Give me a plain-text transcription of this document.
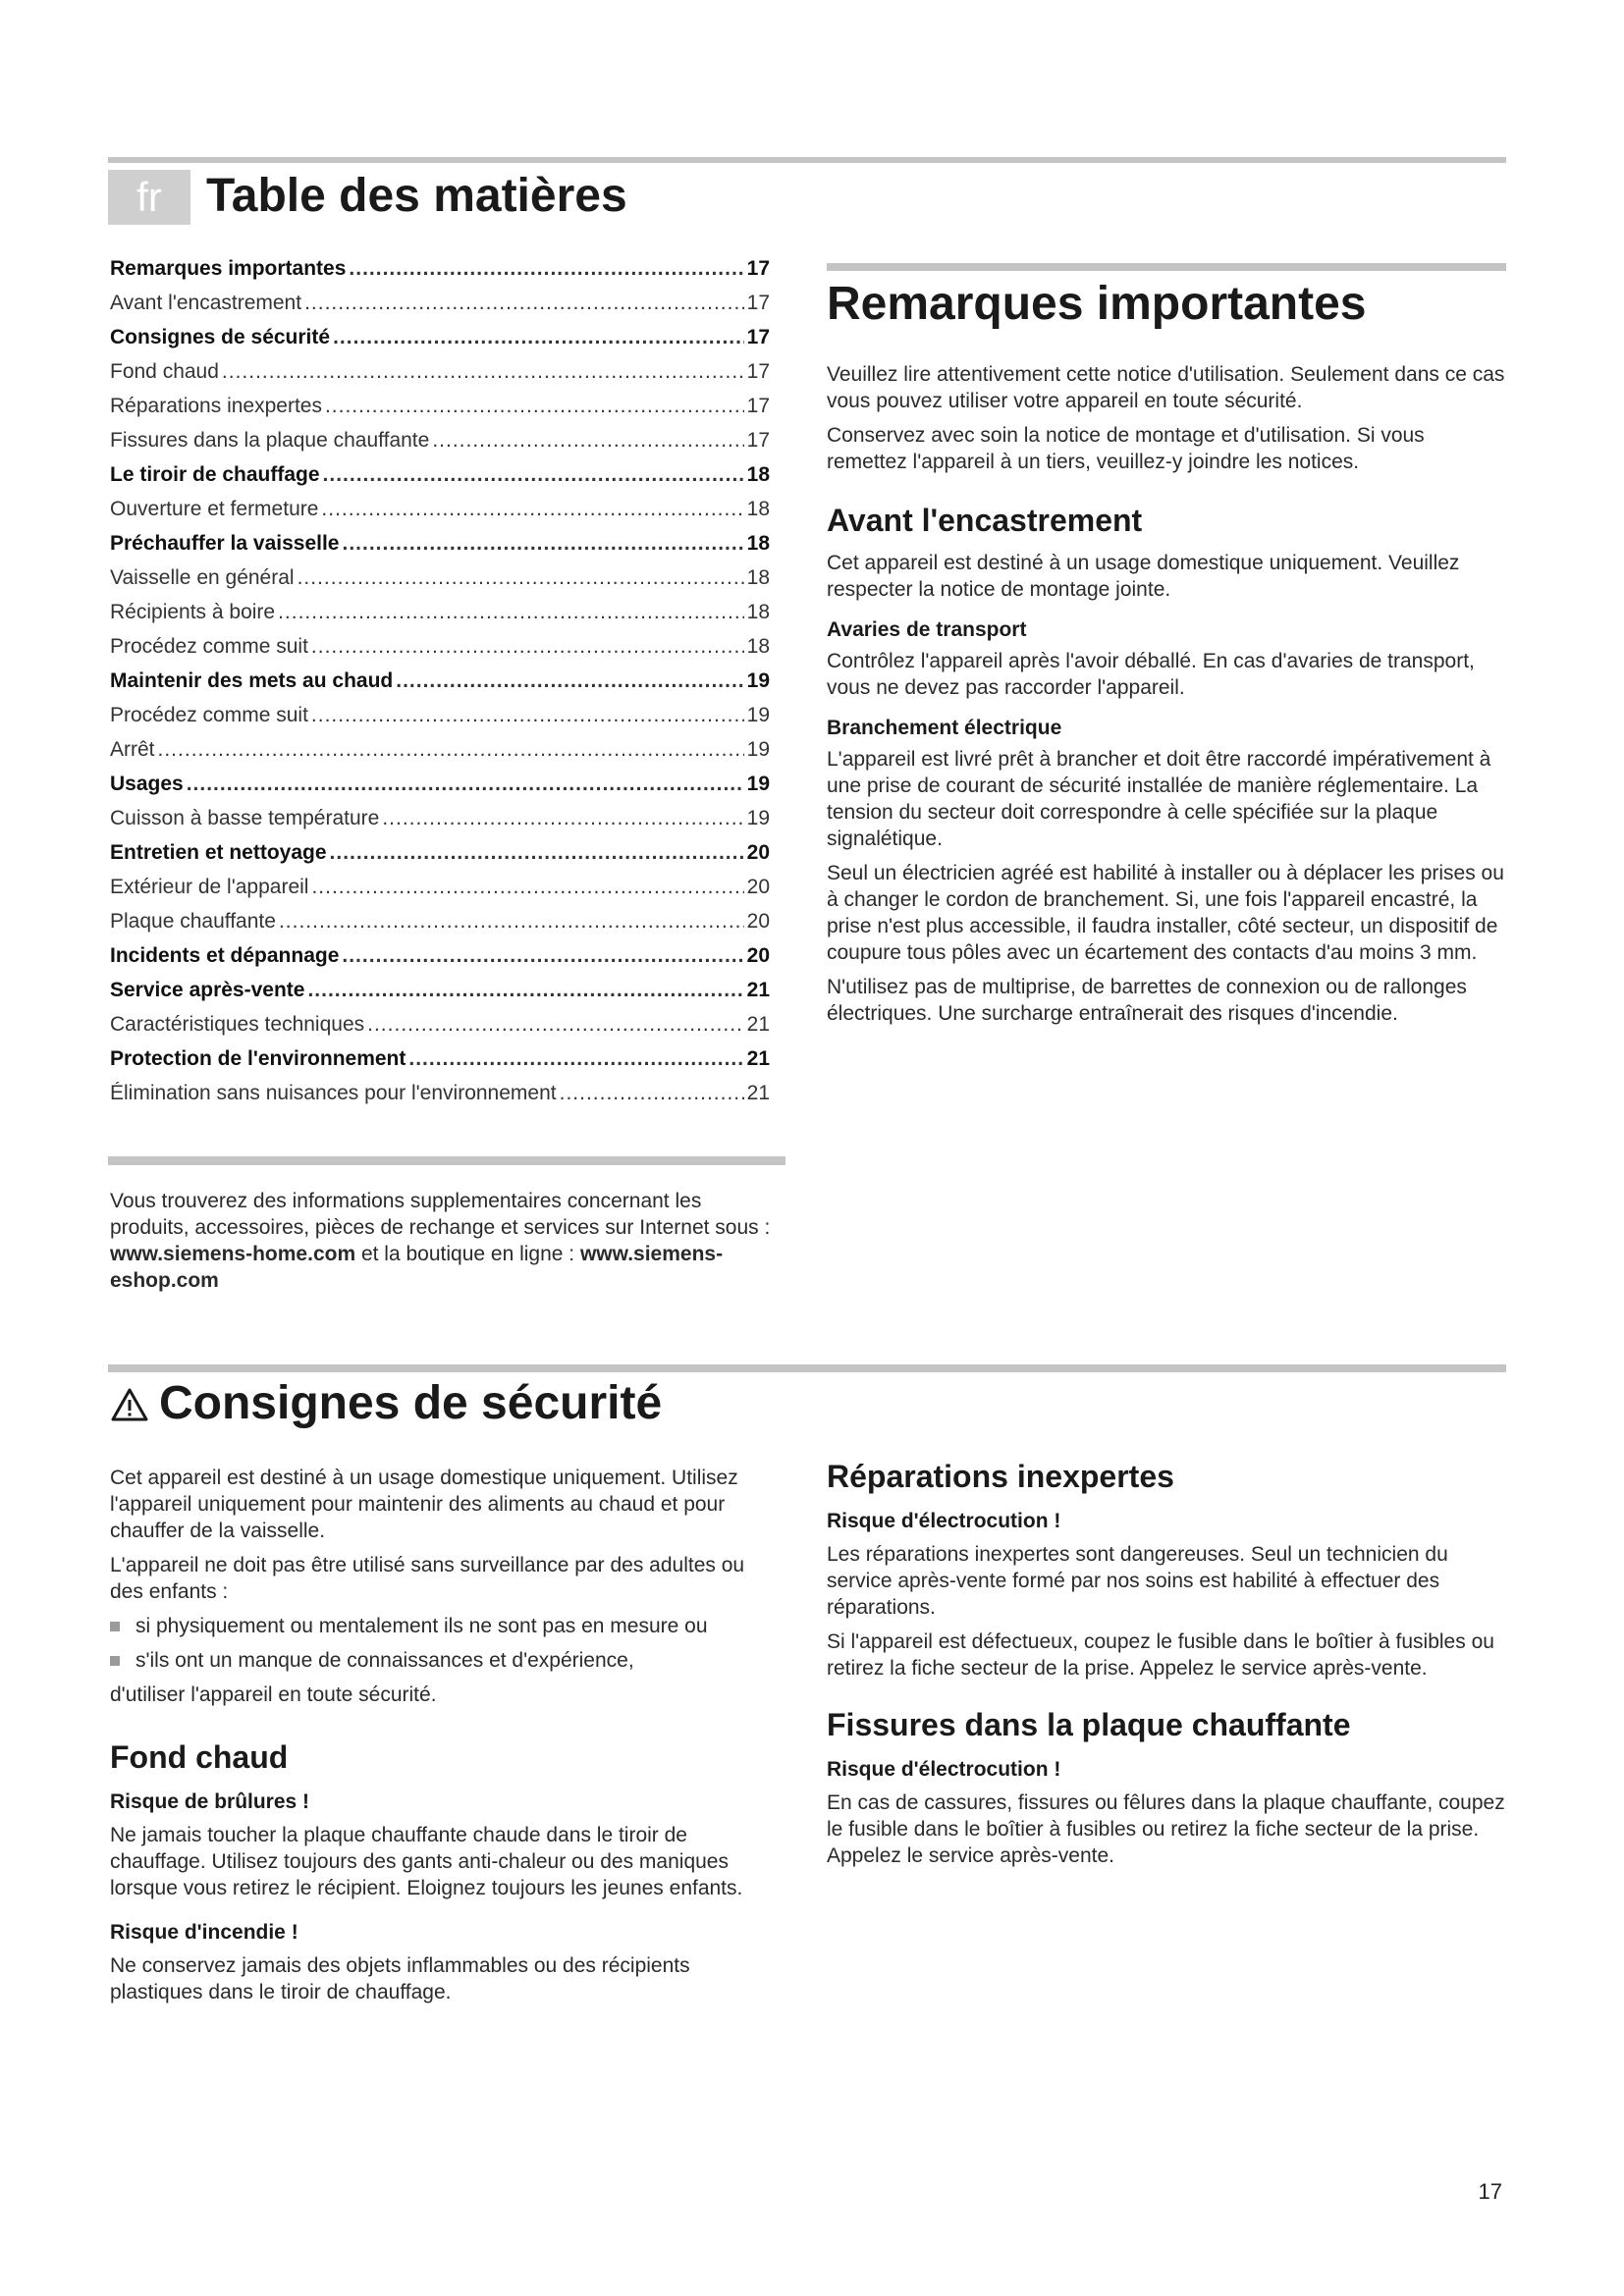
fr Table des matières
Remarques importantes .....	17
Avant l'encastrement .....	17
Consignes de sécurité .....	17
Fond chaud .....	17
Réparations inexpertes .....	17
Fissures dans la plaque chauffante .....	17
Le tiroir de chauffage .....	18
Ouverture et fermeture .....	18
Préchauffer la vaisselle .....	18
Vaisselle en général .....	18
Récipients à boire .....	18
Procédez comme suit .....	18
Maintenir des mets au chaud .....	19
Procédez comme suit .....	19
Arrêt .....	19
Usages .....	19
Cuisson à basse température .....	19
Entretien et nettoyage .....	20
Extérieur de l'appareil .....	20
Plaque chauffante .....	20
Incidents et dépannage .....	20
Service après-vente .....	21
Caractéristiques techniques .....	21
Protection de l'environnement .....	21
Élimination sans nuisances pour l'environnement .....	21

Vous trouverez des informations supplementaires concernant les produits, accessoires, pièces de rechange et services sur Internet sous : www.siemens-home.com et la boutique en ligne : www.siemens-eshop.com

Remarques importantes

Veuillez lire attentivement cette notice d'utilisation. Seulement dans ce cas vous pouvez utiliser votre appareil en toute sécurité.

Conservez avec soin la notice de montage et d'utilisation. Si vous remettez l'appareil à un tiers, veuillez-y joindre les notices.

Avant l'encastrement

Cet appareil est destiné à un usage domestique uniquement. Veuillez respecter la notice de montage jointe.

Avaries de transport

Contrôlez l'appareil après l'avoir déballé. En cas d'avaries de transport, vous ne devez pas raccorder l'appareil.

Branchement électrique

L'appareil est livré prêt à brancher et doit être raccordé impérativement à une prise de courant de sécurité installée de manière réglementaire. La tension du secteur doit correspondre à celle spécifiée sur la plaque signalétique.

Seul un électricien agréé est habilité à installer ou à déplacer les prises ou à changer le cordon de branchement. Si, une fois l'appareil encastré, la prise n'est plus accessible, il faudra installer, côté secteur, un dispositif de coupure tous pôles avec un écartement des contacts d'au moins 3 mm.

N'utilisez pas de multiprise, de barrettes de connexion ou de rallonges électriques. Une surcharge entraînerait des risques d'incendie.

Consignes de sécurité

Cet appareil est destiné à un usage domestique uniquement. Utilisez l'appareil uniquement pour maintenir des aliments au chaud et pour chauffer de la vaisselle.

L'appareil ne doit pas être utilisé sans surveillance par des adultes ou des enfants :

si physiquement ou mentalement ils ne sont pas en mesure ou
s'ils ont un manque de connaissances et d'expérience,

d'utiliser l'appareil en toute sécurité.

Fond chaud
Risque de brûlures !

Ne jamais toucher la plaque chauffante chaude dans le tiroir de chauffage. Utilisez toujours des gants anti-chaleur ou des maniques lorsque vous retirez le récipient. Eloignez toujours les jeunes enfants.

Risque d'incendie !

Ne conservez jamais des objets inflammables ou des récipients plastiques dans le tiroir de chauffage.

Réparations inexpertes
Risque d'électrocution !

Les réparations inexpertes sont dangereuses. Seul un technicien du service après-vente formé par nos soins est habilité à effectuer des réparations.

Si l'appareil est défectueux, coupez le fusible dans le boîtier à fusibles ou retirez la fiche secteur de la prise. Appelez le service après-vente.

Fissures dans la plaque chauffante
Risque d'électrocution !

En cas de cassures, fissures ou fêlures dans la plaque chauffante, coupez le fusible dans le boîtier à fusibles ou retirez la fiche secteur de la prise. Appelez le service après-vente.

17
